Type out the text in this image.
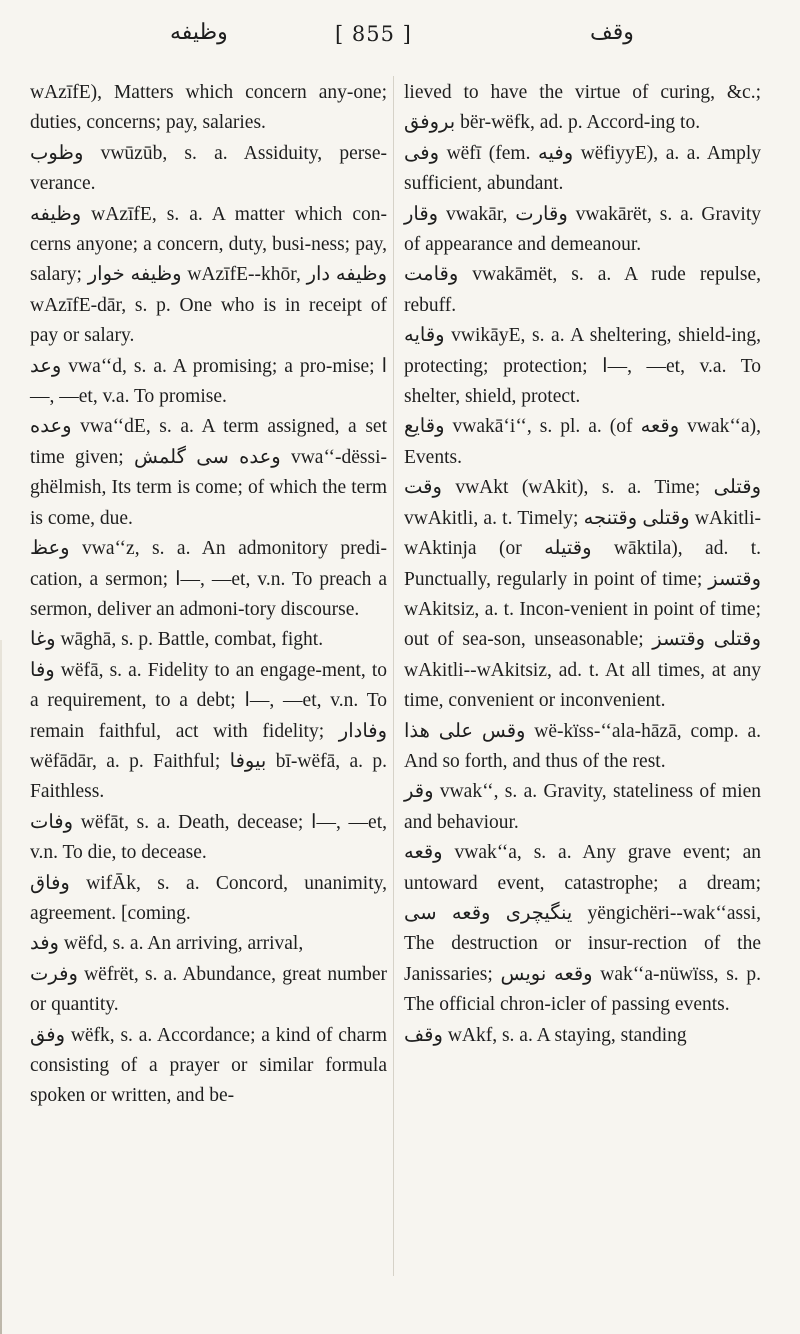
وظیفه	[ 855 ]	وقف

wAzīfE), Matters which concern any-one; duties, concerns; pay, salaries.

وظوب vwūzūb, s. a. Assiduity, perse-verance.

وظیفه wAzīfE, s. a. A matter which con-cerns anyone; a concern, duty, busi-ness; pay, salary; وظیفه خوار wAzīfE--khōr, وظیفه دار wAzīfE-dār, s. p. One who is in receipt of pay or salary.

وعد vwa‘‘d, s. a. A promising; a pro-mise; ا—, —et, v.a. To promise.

وعده vwa‘‘dE, s. a. A term assigned, a set time given; وعده سی گلمش vwa‘‘-dëssi-ghëlmish, Its term is come; of which the term is come, due.

وعظ vwa‘‘z, s. a. An admonitory predi-cation, a sermon; ا—, —et, v.n. To preach a sermon, deliver an admoni-tory discourse.

وغا wāghā, s. p. Battle, combat, fight.

وفا wëfā, s. a. Fidelity to an engage-ment, to a requirement, to a debt; ا—, —et, v.n. To remain faithful, act with fidelity; وفادار wëfādār, a. p. Faithful; بیوفا bī-wëfā, a. p. Faithless.

وفات wëfāt, s. a. Death, decease; ا—, —et, v.n. To die, to decease.

وفاق wifĀk, s. a. Concord, unanimity, agreement. [coming.

وفد wëfd, s. a. An arriving, arrival,

وفرت wëfrët, s. a. Abundance, great number or quantity.

وفق wëfk, s. a. Accordance; a kind of charm consisting of a prayer or similar formula spoken or written, and be-

lieved to have the virtue of curing, &c.; بروفق bër-wëfk, ad. p. Accord-ing to.

وفی wëfī (fem. وفیه wëfiyyE), a. a. Amply sufficient, abundant.

وقار vwakār, وقارت vwakārët, s. a. Gravity of appearance and demeanour.

وقامت vwakāmët, s. a. A rude repulse, rebuff.

وقایه vwikāyE, s. a. A sheltering, shield-ing, protecting; protection; ا—, —et, v.a. To shelter, shield, protect.

وقایع vwakā‘i‘‘, s. pl. a. (of وقعه vwak‘‘a), Events.

وقت vwAkt (wAkit), s. a. Time; وقتلی vwAkitli, a. t. Timely; وقتلی وقتنجه wAkitli-wAktinja (or وقتیله wāktila), ad. t. Punctually, regularly in point of time; وقتسز wAkitsiz, a. t. Incon-venient in point of time; out of sea-son, unseasonable; وقتلی وقتسز wAkitli--wAkitsiz, ad. t. At all times, at any time, convenient or inconvenient.

وقس علی هذا wë-kïss-‘‘ala-hāzā, comp. a. And so forth, and thus of the rest.

وقر vwak‘‘, s. a. Gravity, stateliness of mien and behaviour.

وقعه vwak‘‘a, s. a. Any grave event; an untoward event, catastrophe; a dream; ینگیچری وقعه سی yëngichëri--wak‘‘assi, The destruction or insur-rection of the Janissaries; وقعه نویس wak‘‘a-nüwïss, s. p. The official chron-icler of passing events.

وقف wAkf, s. a. A staying, standing
